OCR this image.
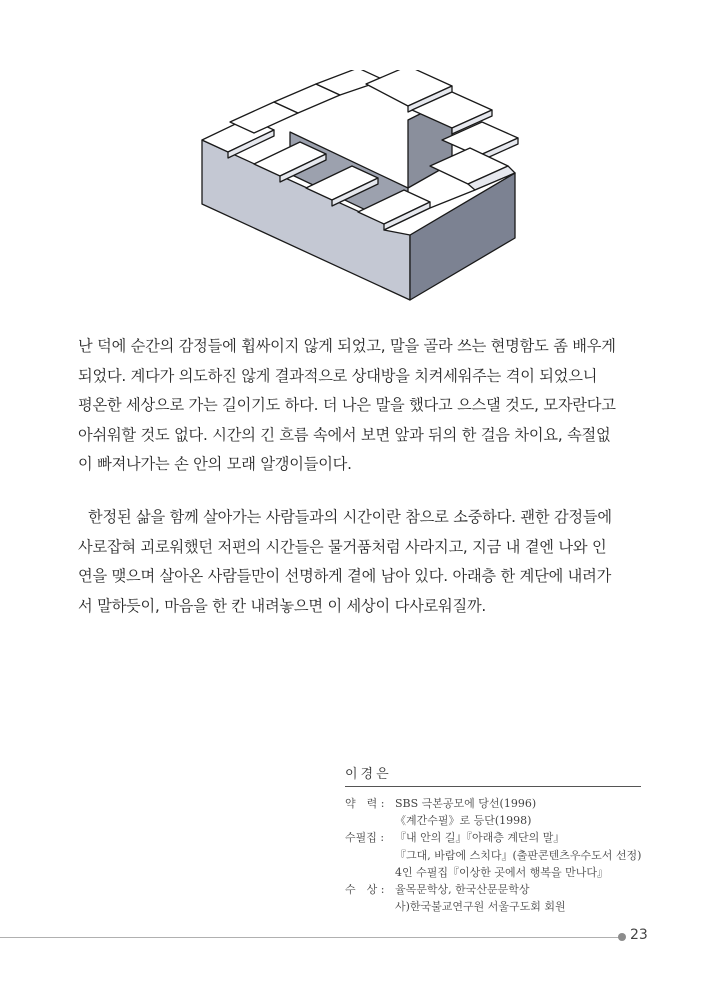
난 덕에 순간의 감정들에 휩싸이지 않게 되었고, 말을 골라 쓰는 현명함도 좀 배우게

되었다. 계다가 의도하진 않게 결과적으로 상대방을 치켜세워주는 격이 되었으니

평온한 세상으로 가는 길이기도 하다. 더 나은 말을 했다고 으스댈 것도, 모자란다고

아쉬워할 것도 없다. 시간의 긴 흐름 속에서 보면 앞과 뒤의 한 걸음 차이요, 속절없

이 빠져나가는 손 안의 모래 알갱이들이다.

한정된 삶을 함께 살아가는 사람들과의 시간이란 참으로 소중하다. 괜한 감정들에

사로잡혀 괴로워했던 저편의 시간들은 물거품처럼 사라지고, 지금 내 곁엔 나와 인

연을 맺으며 살아온 사람들만이 선명하게 곁에 남아 있다. 아래층 한 계단에 내려가

서 말하듯이, 마음을 한 칸 내려놓으면 이 세상이 다사로워질까.

이경은
약　력 : SBS 극본공모에 당선(1996)
《계간수필》로 등단(1998)
수필집 : 『내 안의 길』『아래층 계단의 말』
『그대, 바람에 스치다』(출판콘텐츠우수도서 선정)
4인 수필집『이상한 곳에서 행복을 만나다』
수　상 : 율목문학상, 한국산문문학상
사)한국불교연구원 서울구도회 회원
23
